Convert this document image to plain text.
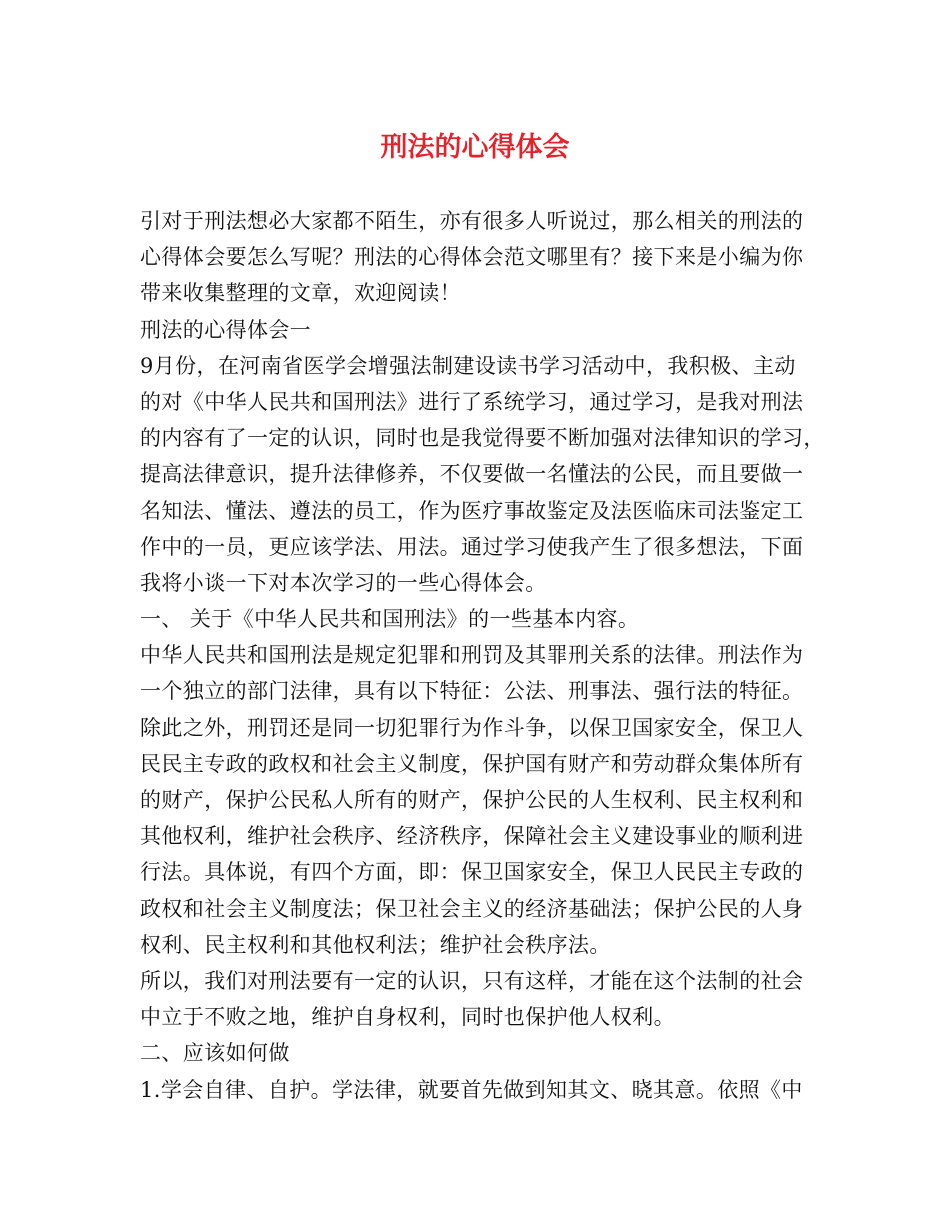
刑法的心得体会
引对于刑法想必大家都不陌生，亦有很多人听说过，那么相关的刑法的
心得体会要怎么写呢？刑法的心得体会范文哪里有？接下来是小编为你
带来收集整理的文章，欢迎阅读！
刑法的心得体会一
9月份，在河南省医学会增强法制建设读书学习活动中，我积极、主动
的对《中华人民共和国刑法》进行了系统学习，通过学习，是我对刑法
的内容有了一定的认识，同时也是我觉得要不断加强对法律知识的学习，
提高法律意识，提升法律修养，不仅要做一名懂法的公民，而且要做一
名知法、懂法、遵法的员工，作为医疗事故鉴定及法医临床司法鉴定工
作中的一员，更应该学法、用法。通过学习使我产生了很多想法，下面
我将小谈一下对本次学习的一些心得体会。
一、 关于《中华人民共和国刑法》的一些基本内容。
中华人民共和国刑法是规定犯罪和刑罚及其罪刑关系的法律。刑法作为
一个独立的部门法律，具有以下特征：公法、刑事法、强行法的特征。
除此之外，刑罚还是同一切犯罪行为作斗争，以保卫国家安全，保卫人
民民主专政的政权和社会主义制度，保护国有财产和劳动群众集体所有
的财产，保护公民私人所有的财产，保护公民的人生权利、民主权利和
其他权利，维护社会秩序、经济秩序，保障社会主义建设事业的顺利进
行法。具体说，有四个方面，即：保卫国家安全，保卫人民民主专政的
政权和社会主义制度法；保卫社会主义的经济基础法；保护公民的人身
权利、民主权利和其他权利法；维护社会秩序法。
所以，我们对刑法要有一定的认识，只有这样，才能在这个法制的社会
中立于不败之地，维护自身权利，同时也保护他人权利。
二、应该如何做
1.学会自律、自护。学法律，就要首先做到知其文、晓其意。依照《中
